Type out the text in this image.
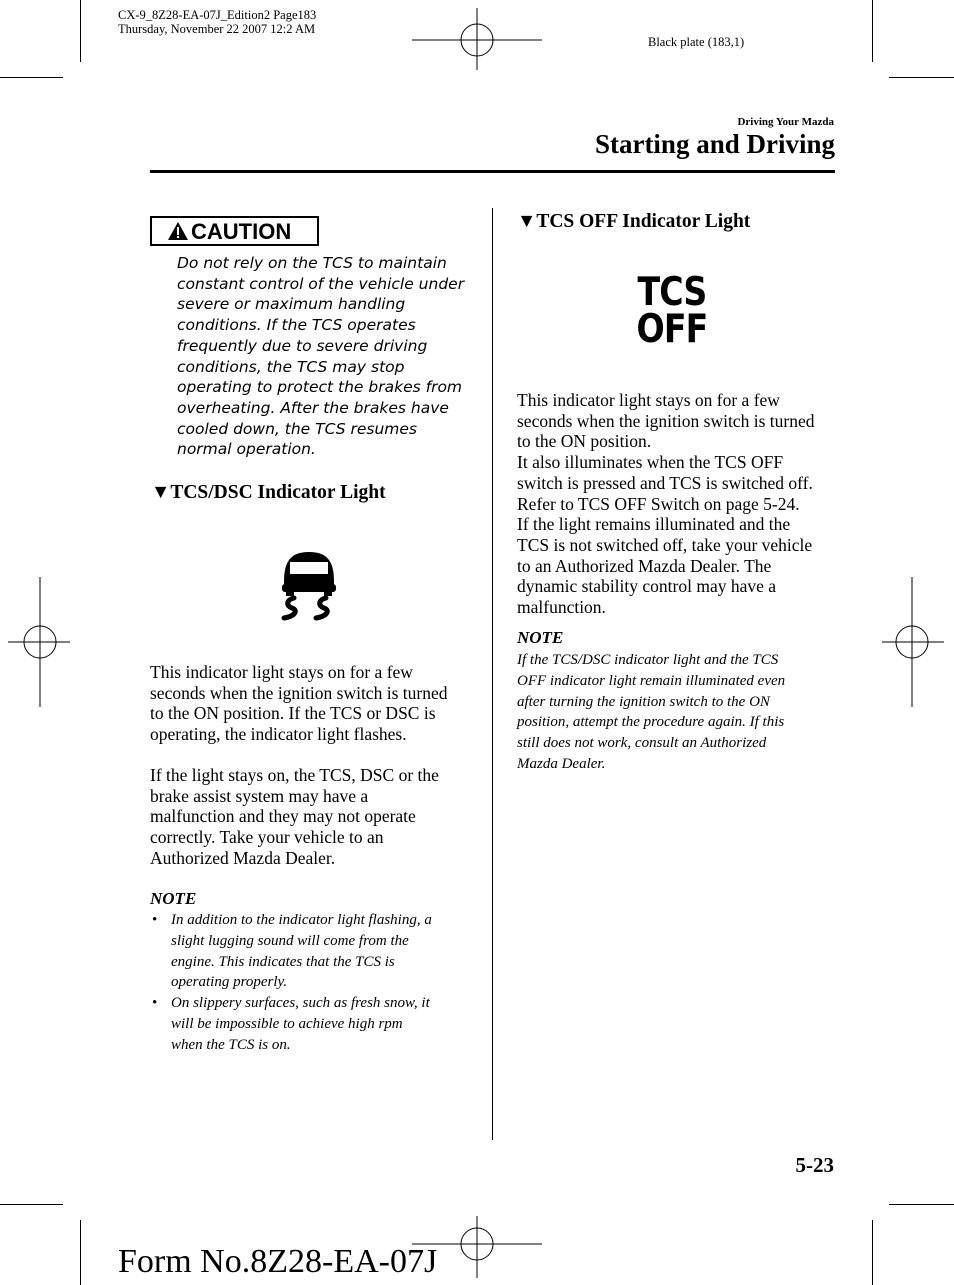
CX-9_8Z28-EA-07J_Edition2 Page183
Thursday, November 22 2007 12:2 AM
Black plate (183,1)
Driving Your Mazda
Starting and Driving
CAUTION
Do not rely on the TCS to maintain
constant control of the vehicle under
severe or maximum handling
conditions. If the TCS operates
frequently due to severe driving
conditions, the TCS may stop
operating to protect the brakes from
overheating. After the brakes have
cooled down, the TCS resumes
normal operation.
▼TCS/DSC Indicator Light
This indicator light stays on for a few
seconds when the ignition switch is turned
to the ON position. If the TCS or DSC is
operating, the indicator light flashes.
If the light stays on, the TCS, DSC or the
brake assist system may have a
malfunction and they may not operate
correctly. Take your vehicle to an
Authorized Mazda Dealer.
NOTE
• In addition to the indicator light flashing, a
slight lugging sound will come from the
engine. This indicates that the TCS is
operating properly.
• On slippery surfaces, such as fresh snow, it
will be impossible to achieve high rpm
when the TCS is on.
▼TCS OFF Indicator Light
TCS
OFF
This indicator light stays on for a few
seconds when the ignition switch is turned
to the ON position.
It also illuminates when the TCS OFF
switch is pressed and TCS is switched off.
Refer to TCS OFF Switch on page 5-24.
If the light remains illuminated and the
TCS is not switched off, take your vehicle
to an Authorized Mazda Dealer. The
dynamic stability control may have a
malfunction.
NOTE
If the TCS/DSC indicator light and the TCS
OFF indicator light remain illuminated even
after turning the ignition switch to the ON
position, attempt the procedure again. If this
still does not work, consult an Authorized
Mazda Dealer.
5-23
Form No.8Z28-EA-07J
